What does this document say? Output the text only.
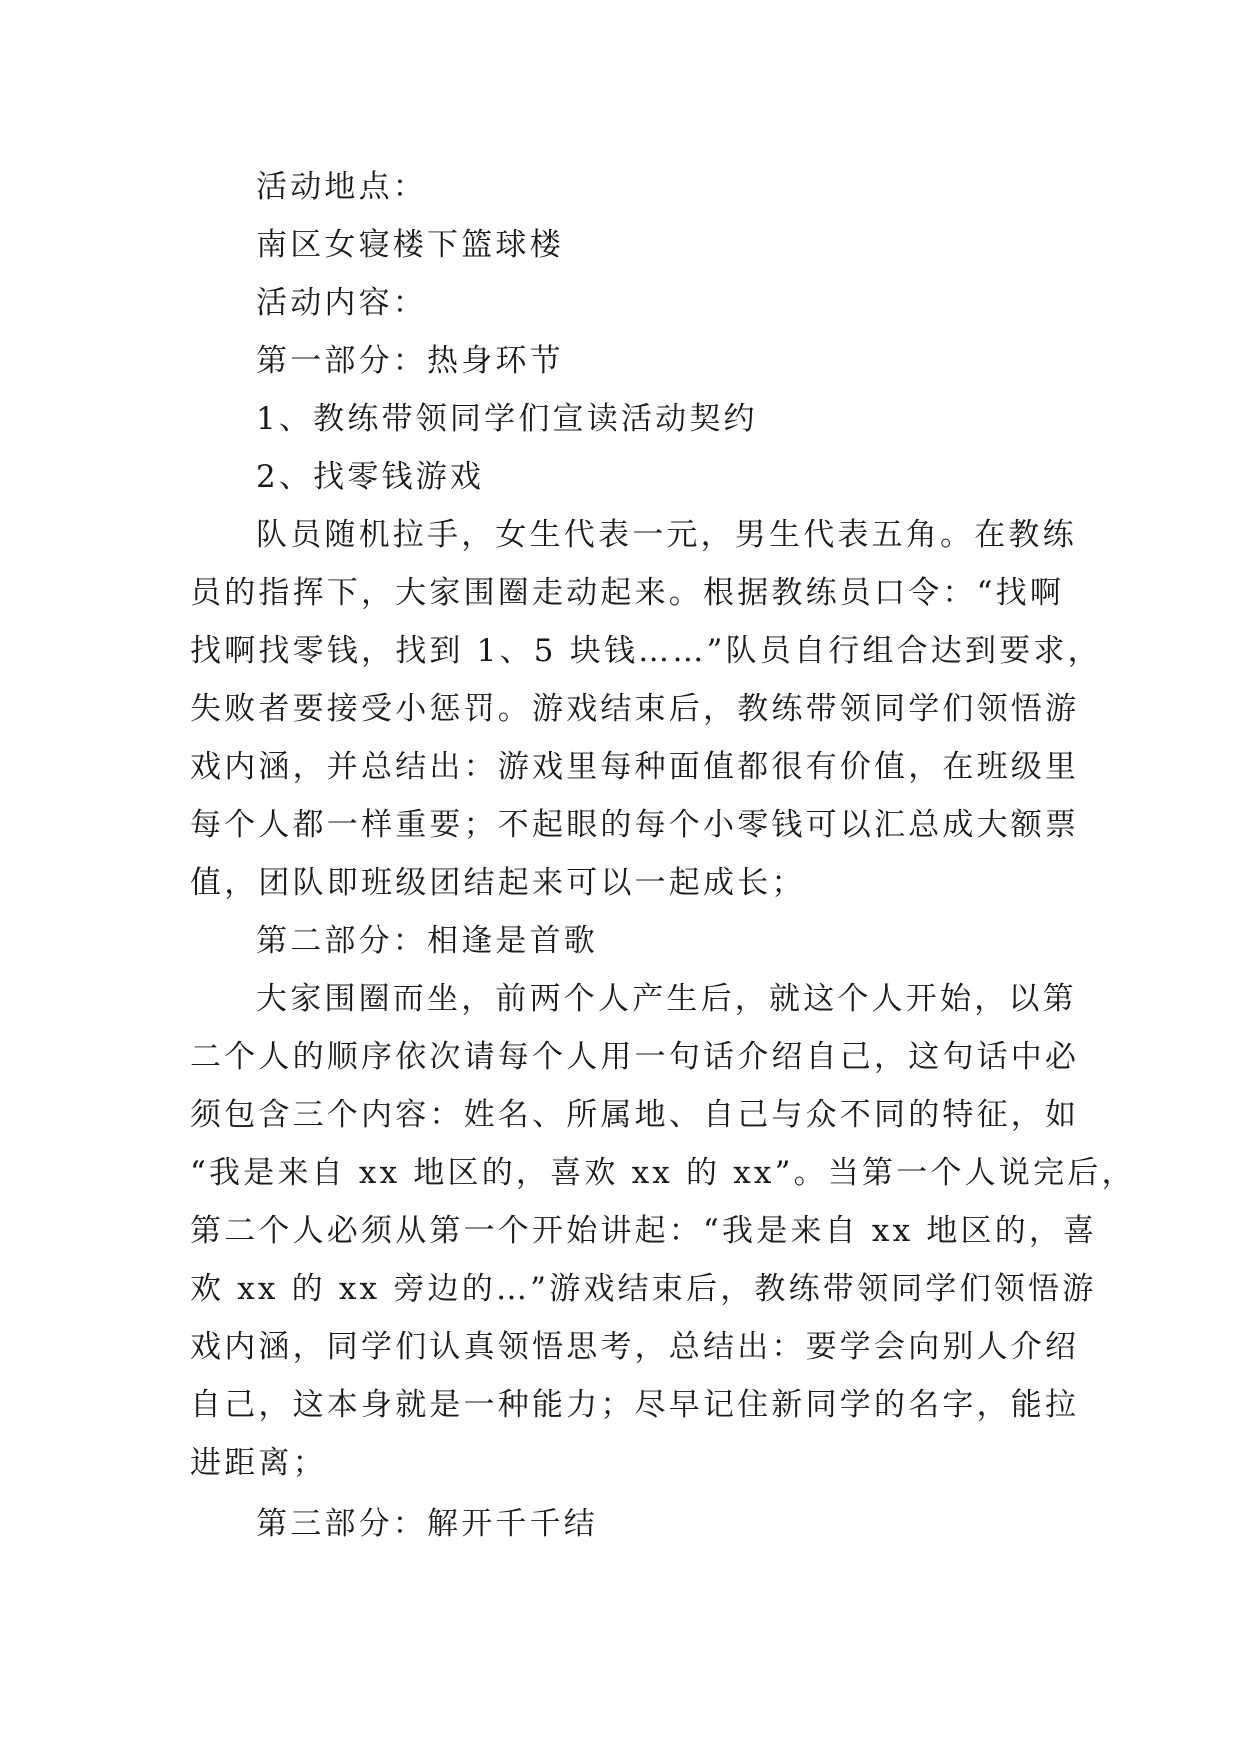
活动地点：
南区女寝楼下篮球楼
活动内容：
第一部分：热身环节
1、教练带领同学们宣读活动契约
2、找零钱游戏
队员随机拉手，女生代表一元，男生代表五角。在教练
员的指挥下，大家围圈走动起来。根据教练员口令：“找啊
找啊找零钱，找到 1、5 块钱……”队员自行组合达到要求，
失败者要接受小惩罚。游戏结束后，教练带领同学们领悟游
戏内涵，并总结出：游戏里每种面值都很有价值，在班级里
每个人都一样重要；不起眼的每个小零钱可以汇总成大额票
值，团队即班级团结起来可以一起成长；
第二部分：相逢是首歌
大家围圈而坐，前两个人产生后，就这个人开始，以第
二个人的顺序依次请每个人用一句话介绍自己，这句话中必
须包含三个内容：姓名、所属地、自己与众不同的特征，如
“我是来自 xx 地区的，喜欢 xx 的 xx”。当第一个人说完后，
第二个人必须从第一个开始讲起：“我是来自 xx 地区的，喜
欢 xx 的 xx 旁边的…”游戏结束后，教练带领同学们领悟游
戏内涵，同学们认真领悟思考，总结出：要学会向别人介绍
自己，这本身就是一种能力；尽早记住新同学的名字，能拉
进距离；
第三部分：解开千千结
